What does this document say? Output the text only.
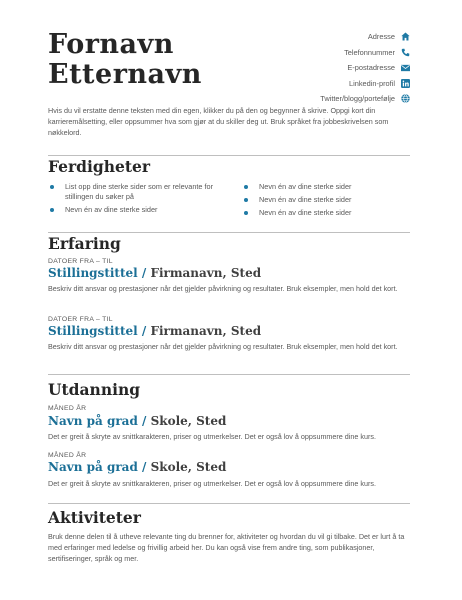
Fornavn
Etternavn
Adresse
Telefonnummer
E-postadresse
Linkedin-profil
Twitter/blogg/portefølje

Hvis du vil erstatte denne teksten med din egen, klikker du på den og begynner å skrive. Oppgi kort din karrieremålsetting, eller oppsummer hva som gjør at du skiller deg ut. Bruk språket fra jobbeskrivelsen som nøkkelord.

Ferdigheter
List opp dine sterke sider som er relevante for stillingen du søker på
Nevn én av dine sterke sider
Nevn én av dine sterke sider
Nevn én av dine sterke sider
Nevn én av dine sterke sider
Erfaring
DATOER FRA – TIL
Stillingstittel / Firmanavn, Sted

Beskriv ditt ansvar og prestasjoner når det gjelder påvirkning og resultater. Bruk eksempler, men hold det kort.

DATOER FRA – TIL
Stillingstittel / Firmanavn, Sted

Beskriv ditt ansvar og prestasjoner når det gjelder påvirkning og resultater. Bruk eksempler, men hold det kort.

Utdanning
MÅNED ÅR
Navn på grad / Skole, Sted

Det er greit å skryte av snittkarakteren, priser og utmerkelser. Det er også lov å oppsummere dine kurs.

MÅNED ÅR
Navn på grad / Skole, Sted

Det er greit å skryte av snittkarakteren, priser og utmerkelser. Det er også lov å oppsummere dine kurs.

Aktiviteter

Bruk denne delen til å utheve relevante ting du brenner for, aktiviteter og hvordan du vil gi tilbake. Det er lurt å ta med erfaringer med ledelse og frivillig arbeid her. Du kan også vise frem andre ting, som publikasjoner, sertifiseringer, språk og mer.
